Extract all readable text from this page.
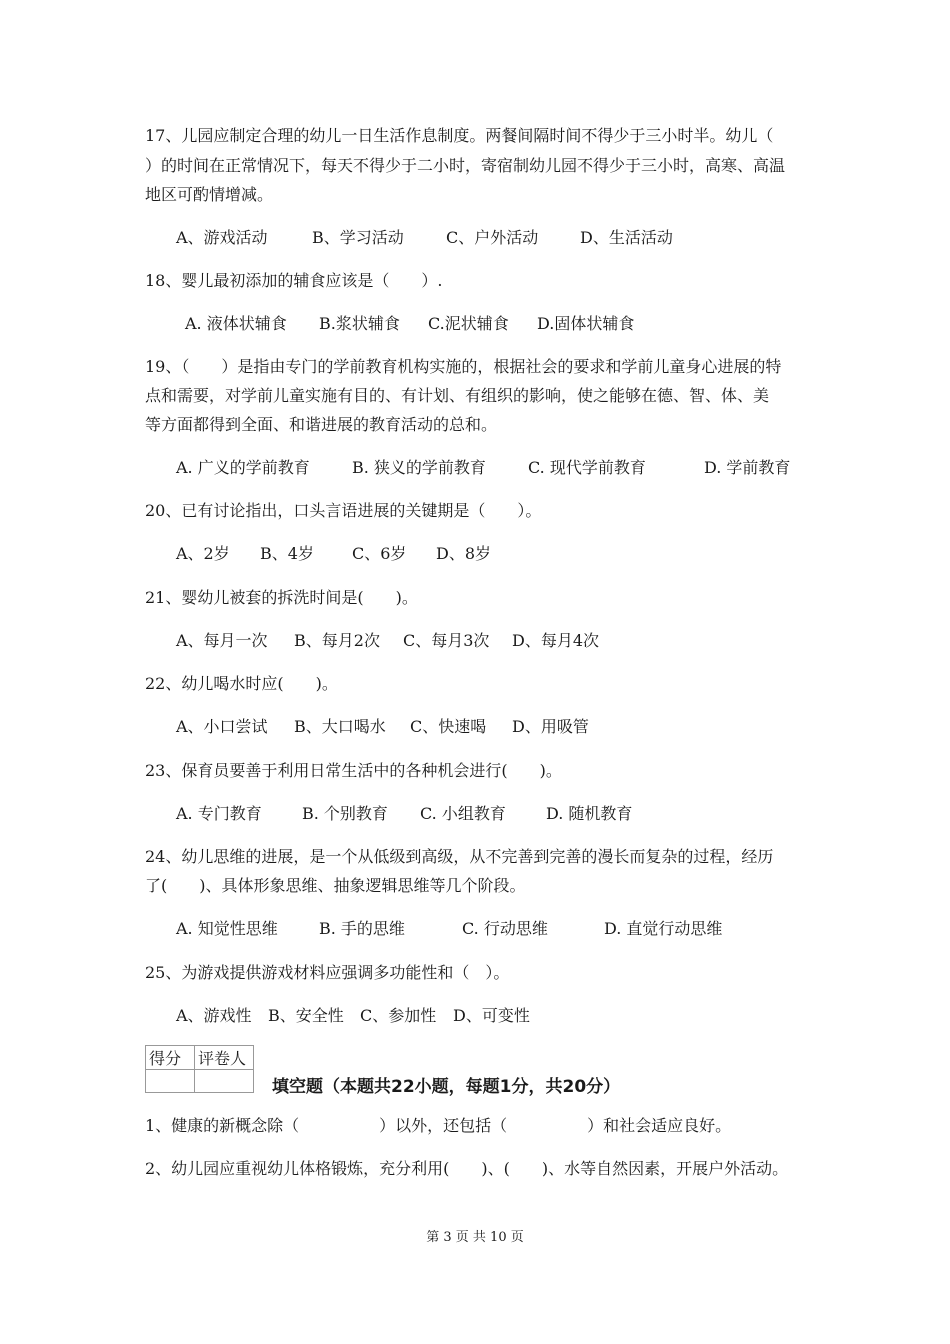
17、儿园应制定合理的幼儿一日生活作息制度。两餐间隔时间不得少于三小时半。幼儿（
）的时间在正常情况下，每天不得少于二小时，寄宿制幼儿园不得少于三小时，高寒、高温
地区可酌情增减。
A、游戏活动	B、学习活动	C、户外活动	D、生活活动
18、婴儿最初添加的辅食应该是（　　）.
A. 液体状辅食 B.浆状辅食 C.泥状辅食 D.固体状辅食
19、（　　）是指由专门的学前教育机构实施的，根据社会的要求和学前儿童身心进展的特
点和需要，对学前儿童实施有目的、有计划、有组织的影响，使之能够在德、智、体、美
等方面都得到全面、和谐进展的教育活动的总和。
A. 广义的学前教育	B. 狭义的学前教育	C. 现代学前教育	D. 学前教育
20、已有讨论指出，口头言语进展的关键期是（　　）。
A、2岁 B、4岁 C、6岁 D、8岁
21、婴幼儿被套的拆洗时间是(　　)。
A、每月一次 B、每月2次 C、每月3次 D、每月4次
22、幼儿喝水时应(　　)。
A、小口尝试 B、大口喝水 C、快速喝 D、用吸管
23、保育员要善于利用日常生活中的各种机会进行(　　)。
A. 专门教育	B. 个别教育 C. 小组教育	D. 随机教育
24、幼儿思维的进展，是一个从低级到高级，从不完善到完善的漫长而复杂的过程，经历
了(　　)、具体形象思维、抽象逻辑思维等几个阶段。
A. 知觉性思维	B. 手的思维	C. 行动思维	D. 直觉行动思维
25、为游戏提供游戏材料应强调多功能性和（　）。
A、游戏性 B、安全性 C、参加性 D、可变性
得分	评卷人

填空题（本题共22小题，每题1分，共20分）
1、健康的新概念除（　　　　　）以外，还包括（　　　　　）和社会适应良好。
2、幼儿园应重视幼儿体格锻炼，充分利用(　　)、(　　)、水等自然因素，开展户外活动。
第 3 页 共 10 页
